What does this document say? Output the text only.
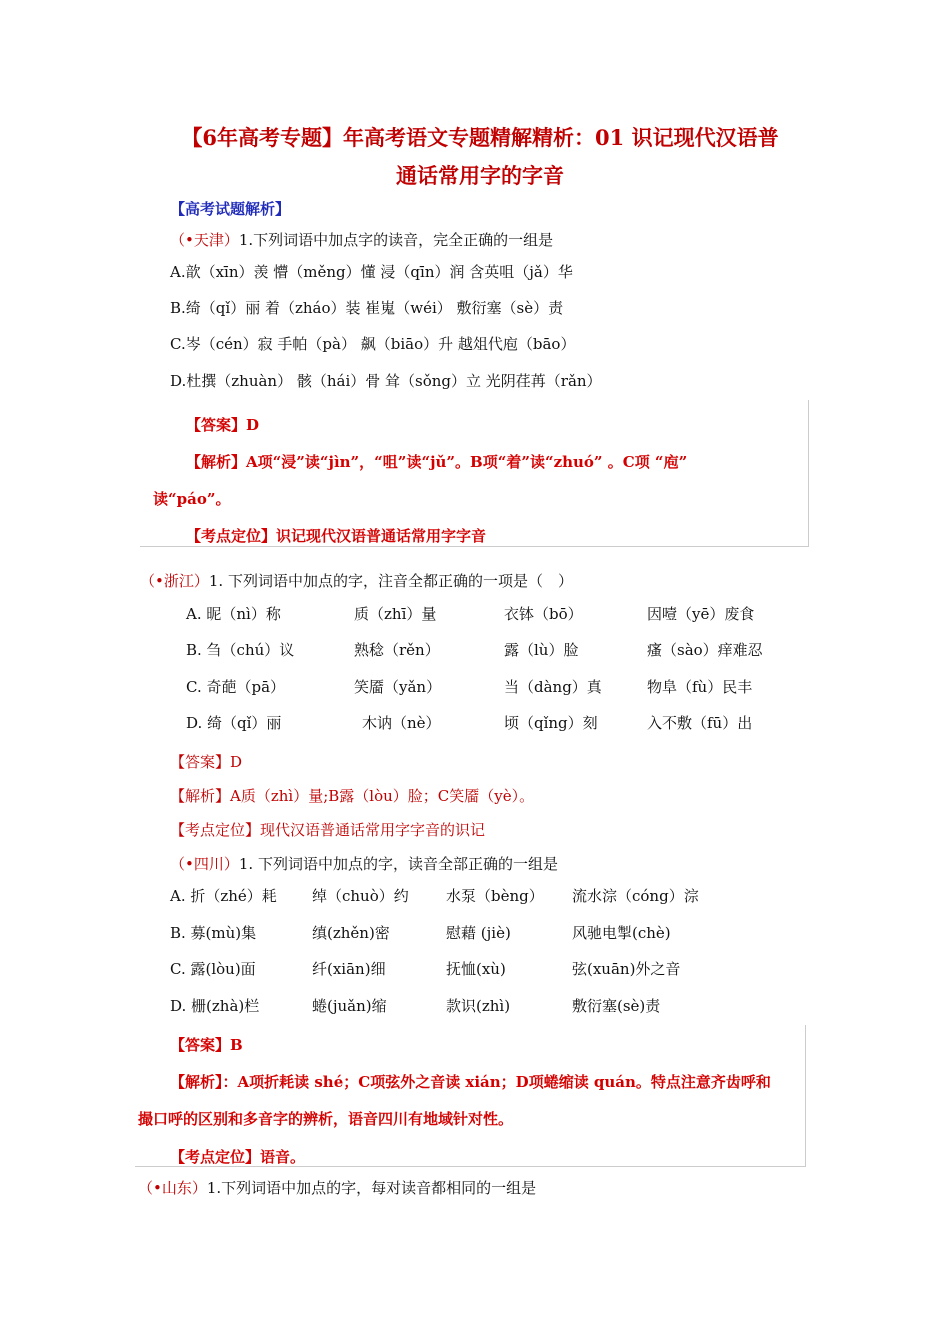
【6年高考专题】年高考语文专题精解精析：01 识记现代汉语普
通话常用字的字音
【高考试题解析】
（•天津）1.下列词语中加点字的读音，完全正确的一组是
A.歆（xīn）羡 懵（měng）懂 浸（qīn）润 含英咀（jǎ）华
B.绮（qǐ）丽 着（zháo）装 崔嵬（wéi） 敷衍塞（sè）责
C.岑（cén）寂 手帕（pà） 飙（biāo）升 越俎代庖（bāo）
D.杜撰（zhuàn） 骸（hái）骨 耸（sǒng）立 光阴荏苒（rǎn）
【答案】D
【解析】A项“浸”读“jìn”，“咀”读“jǔ”。B项“着”读“zhuó” 。C项 “庖”
读“páo”。
【考点定位】识记现代汉语普通话常用字字音
（•浙江）1. 下列词语中加点的字，注音全都正确的一项是（　）
A. 昵（nì）称	质（zhī）量	衣钵（bō）	因噎（yē）废食
B. 刍（chú）议	熟稔（rěn）	露（lù）脸	瘙（sào）痒难忍
C. 奇葩（pā）	笑靥（yǎn）	当（dàng）真	物阜（fù）民丰
D. 绮（qǐ）丽	木讷（nè）	顷（qǐng）刻	入不敷（fū）出
【答案】D
【解析】A质（zhì）量;B露（lòu）脸；C笑靥（yè）。
【考点定位】现代汉语普通话常用字字音的识记
（•四川）1. 下列词语中加点的字，读音全部正确的一组是
A. 折（zhé）耗 绰（chuò）约 水泵（bèng） 流水淙（cóng）淙
B. 募(mù)集	缜(zhěn)密	慰藉 (jiè)	风驰电掣(chè)
C. 露(lòu)面	纤(xiān)细	抚恤(xù)	弦(xuān)外之音
D. 栅(zhà)栏	蜷(juǎn)缩	款识(zhì)	敷衍塞(sè)责
【答案】B
【解析】：A项折耗读 shé；C项弦外之音读 xián；D项蜷缩读 quán。特点注意齐齿呼和
撮口呼的区别和多音字的辨析，语音四川有地域针对性。
【考点定位】语音。
（•山东）1.下列词语中加点的字，每对读音都相同的一组是
